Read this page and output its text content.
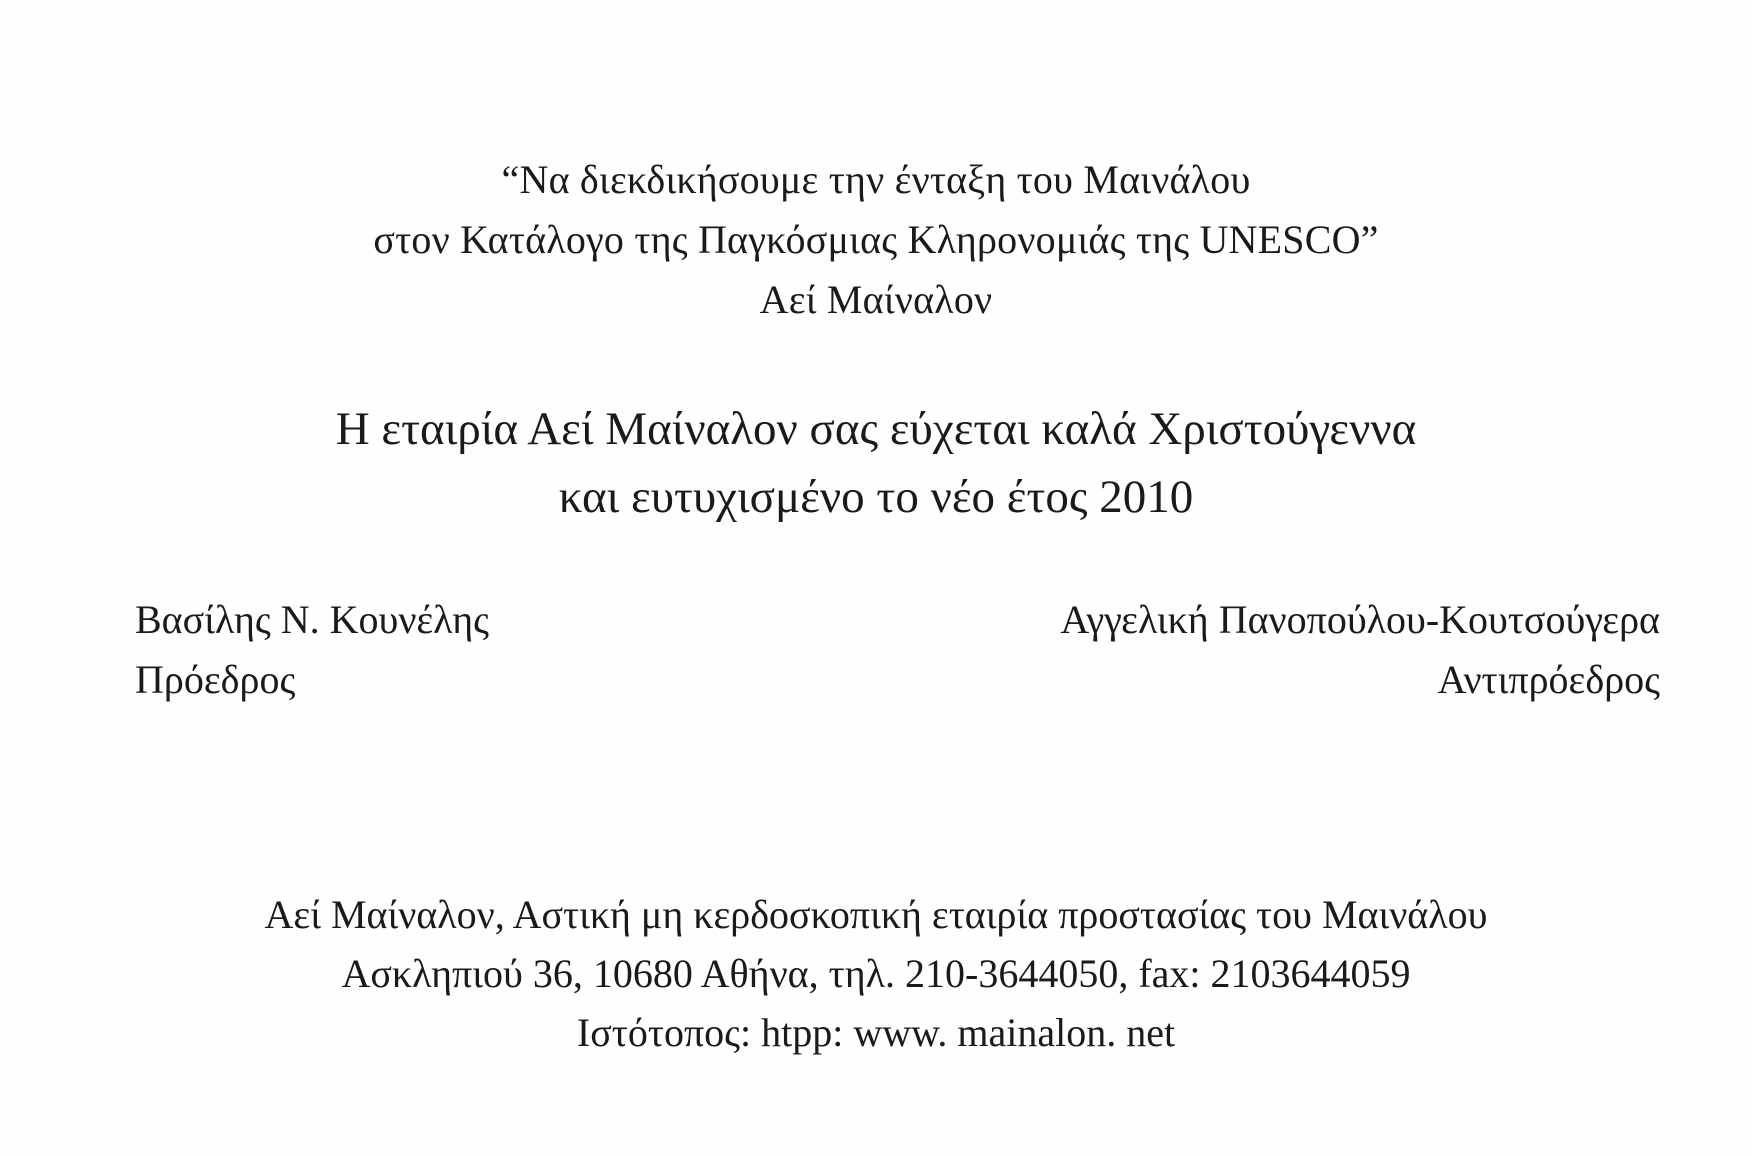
“Να διεκδικήσουμε την ένταξη του Μαινάλου
στον Κατάλογο της Παγκόσμιας Κληρονομιάς της UNESCO”
Αεί Μαίναλον
Η εταιρία Αεί Μαίναλον σας εύχεται καλά Χριστούγεννα
και ευτυχισμένο το νέο έτος 2010
Βασίλης Ν. Κουνέλης
Πρόεδρος
Αγγελική Πανοπούλου-Κουτσούγερα
Αντιπρόεδρος
Αεί Μαίναλον, Αστική μη κερδοσκοπική εταιρία προστασίας του Μαινάλου
Ασκληπιού 36, 10680 Αθήνα, τηλ. 210-3644050, fax: 2103644059
Ιστότοπος: htpp: www. mainalon. net
